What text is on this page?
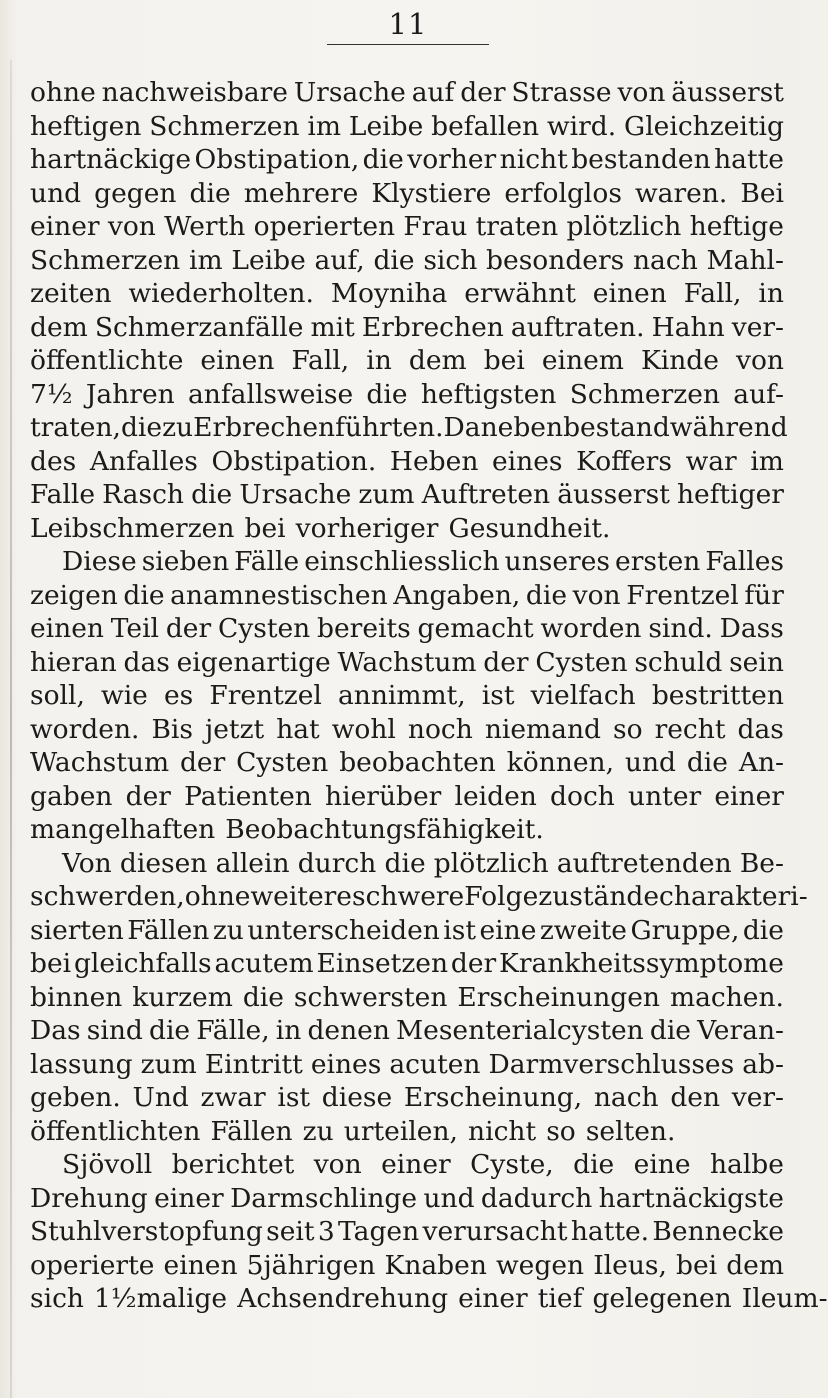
11
ohne nachweisbare Ursache auf der Strasse von äusserst
heftigen Schmerzen im Leibe befallen wird. Gleichzeitig
hartnäckige Obstipation, die vorher nicht bestanden hatte
und gegen die mehrere Klystiere erfolglos waren. Bei
einer von Werth operierten Frau traten plötzlich heftige
Schmerzen im Leibe auf, die sich besonders nach Mahl-
zeiten wiederholten. Moyniha erwähnt einen Fall, in
dem Schmerzanfälle mit Erbrechen auftraten. Hahn ver-
öffentlichte einen Fall, in dem bei einem Kinde von
7½ Jahren anfallsweise die heftigsten Schmerzen auf-
traten, die zu Erbrechen führten. Daneben bestand während
des Anfalles Obstipation. Heben eines Koffers war im
Falle Rasch die Ursache zum Auftreten äusserst heftiger
Leibschmerzen bei vorheriger Gesundheit.
Diese sieben Fälle einschliesslich unseres ersten Falles
zeigen die anamnestischen Angaben, die von Frentzel für
einen Teil der Cysten bereits gemacht worden sind. Dass
hieran das eigenartige Wachstum der Cysten schuld sein
soll, wie es Frentzel annimmt, ist vielfach bestritten
worden. Bis jetzt hat wohl noch niemand so recht das
Wachstum der Cysten beobachten können, und die An-
gaben der Patienten hierüber leiden doch unter einer
mangelhaften Beobachtungsfähigkeit.
Von diesen allein durch die plötzlich auftretenden Be-
schwerden, ohne weitere schwere Folgezustände charakteri-
sierten Fällen zu unterscheiden ist eine zweite Gruppe, die
bei gleichfalls acutem Einsetzen der Krankheitssymptome
binnen kurzem die schwersten Erscheinungen machen.
Das sind die Fälle, in denen Mesenterialcysten die Veran-
lassung zum Eintritt eines acuten Darmverschlusses ab-
geben. Und zwar ist diese Erscheinung, nach den ver-
öffentlichten Fällen zu urteilen, nicht so selten.
Sjövoll berichtet von einer Cyste, die eine halbe
Drehung einer Darmschlinge und dadurch hartnäckigste
Stuhlverstopfung seit 3 Tagen verursacht hatte. Bennecke
operierte einen 5jährigen Knaben wegen Ileus, bei dem
sich 1½malige Achsendrehung einer tief gelegenen Ileum-
